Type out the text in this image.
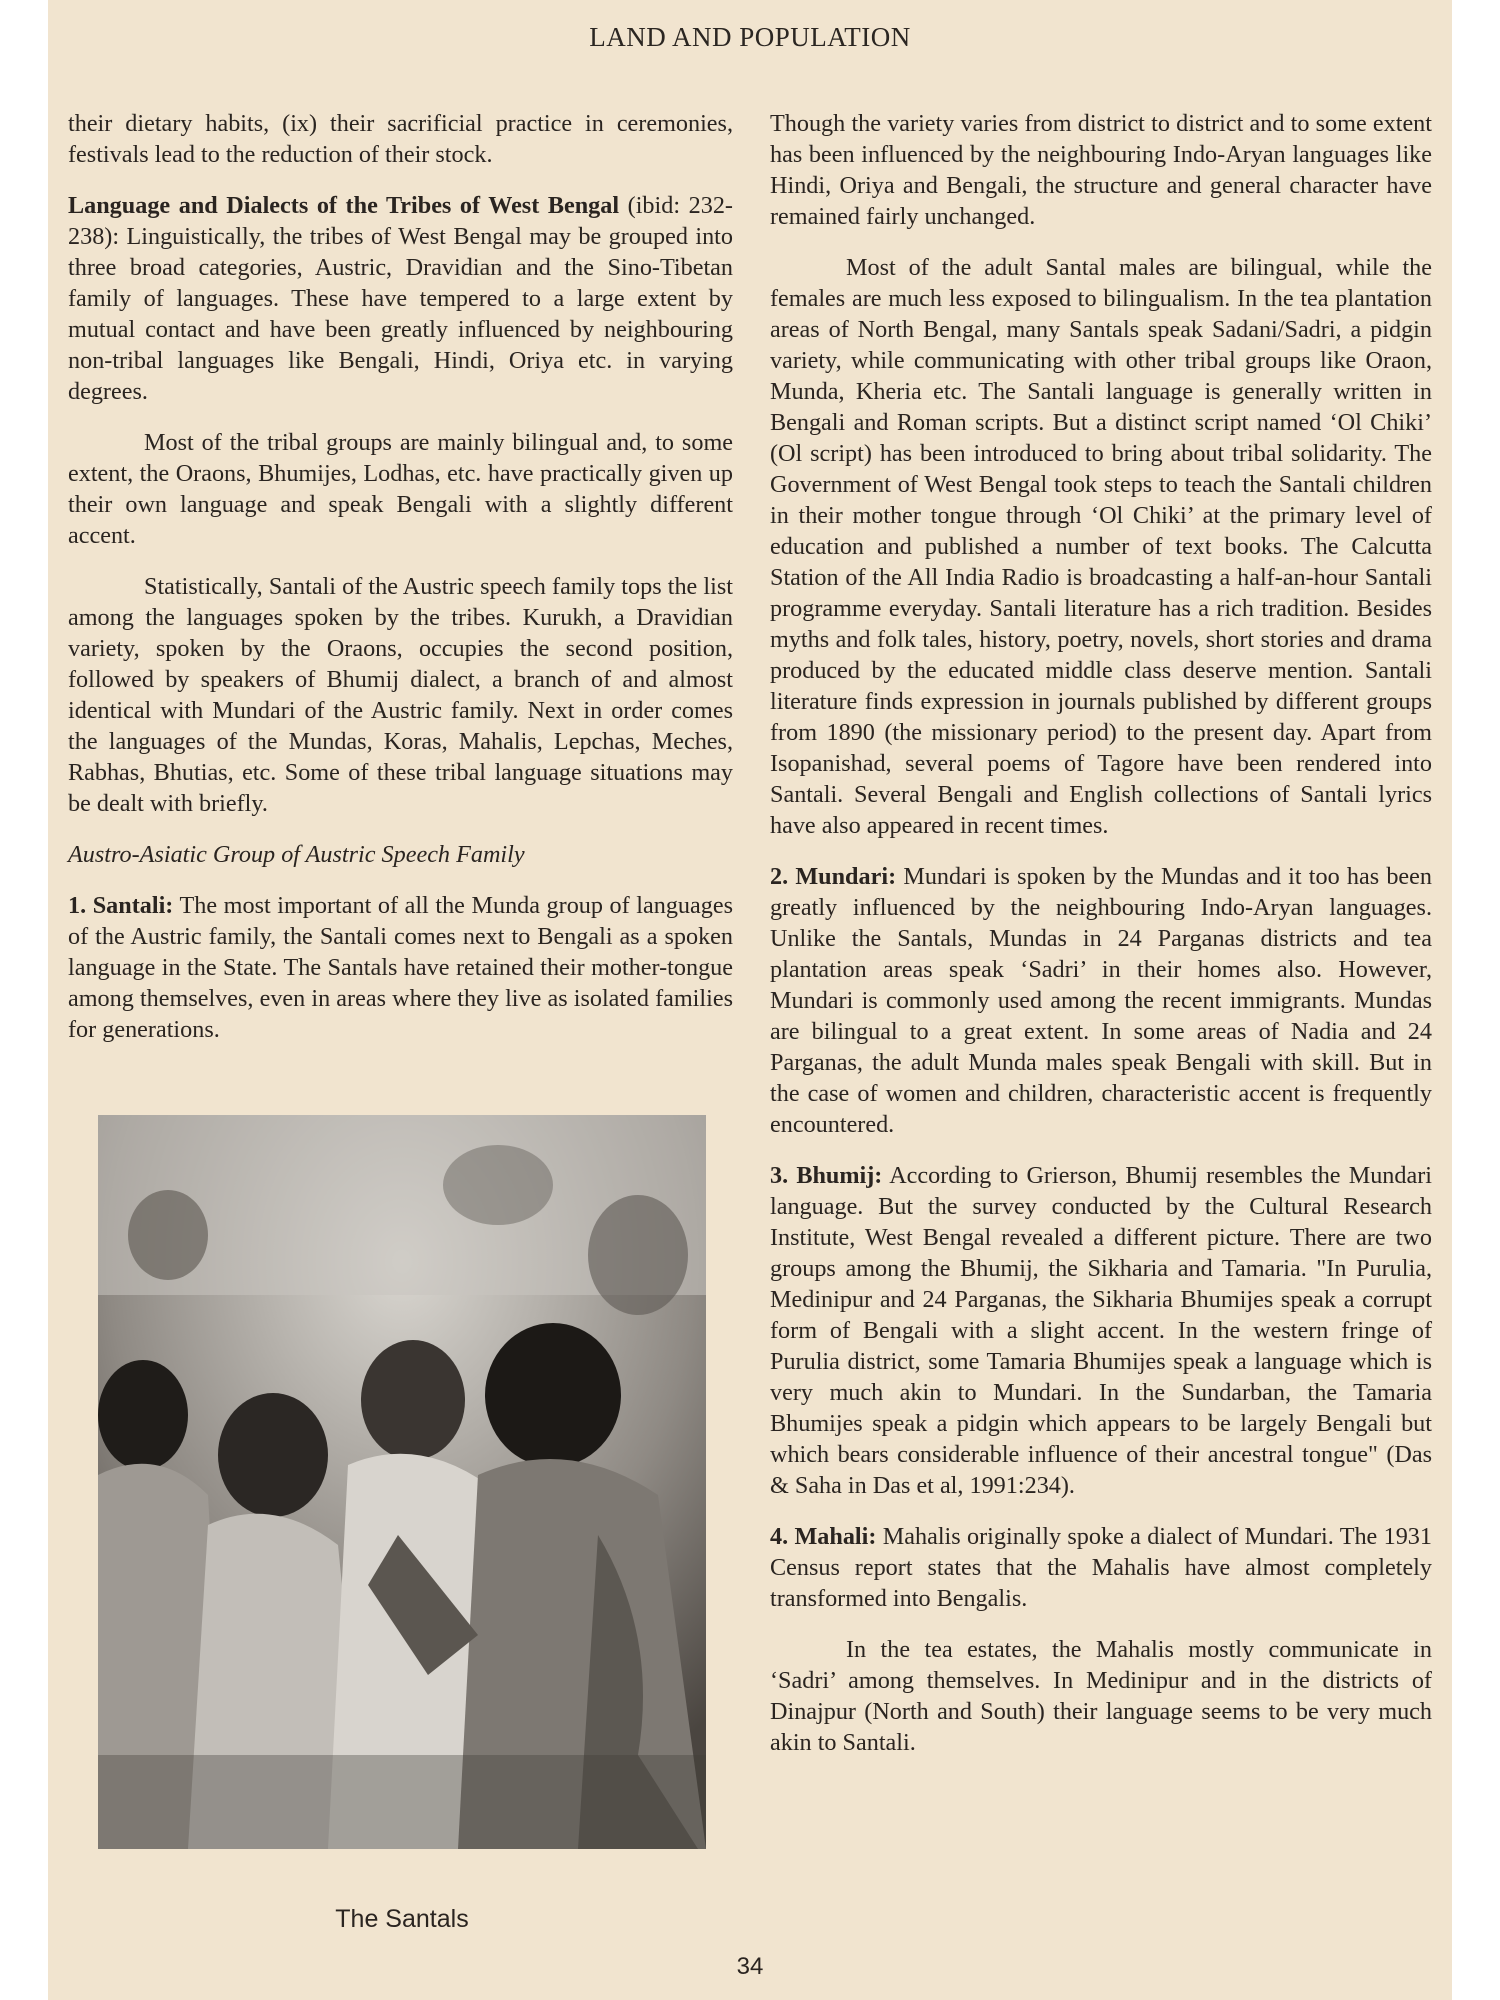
LAND AND POPULATION

their dietary habits, (ix) their sacrificial practice in ceremonies, festivals lead to the reduction of their stock.

Language and Dialects of the Tribes of West Bengal (ibid: 232-238): Linguistically, the tribes of West Bengal may be grouped into three broad categories, Austric, Dravidian and the Sino-Tibetan family of languages. These have tempered to a large extent by mutual contact and have been greatly influenced by neighbouring non-tribal languages like Bengali, Hindi, Oriya etc. in varying degrees.

Most of the tribal groups are mainly bilingual and, to some extent, the Oraons, Bhumijes, Lodhas, etc. have practically given up their own language and speak Bengali with a slightly different accent.

Statistically, Santali of the Austric speech family tops the list among the languages spoken by the tribes. Kurukh, a Dravidian variety, spoken by the Oraons, occupies the second position, followed by speakers of Bhumij dialect, a branch of and almost identical with Mundari of the Austric family. Next in order comes the languages of the Mundas, Koras, Mahalis, Lepchas, Meches, Rabhas, Bhutias, etc. Some of these tribal language situations may be dealt with briefly.

Austro-Asiatic Group of Austric Speech Family

1. Santali: The most important of all the Munda group of languages of the Austric family, the Santali comes next to Bengali as a spoken language in the State. The Santals have retained their mother-tongue among themselves, even in areas where they live as isolated families for generations.

The Santals

Though the variety varies from district to district and to some extent has been influenced by the neighbouring Indo-Aryan languages like Hindi, Oriya and Bengali, the structure and general character have remained fairly unchanged.

Most of the adult Santal males are bilingual, while the females are much less exposed to bilingualism. In the tea plantation areas of North Bengal, many Santals speak Sadani/Sadri, a pidgin variety, while communicating with other tribal groups like Oraon, Munda, Kheria etc. The Santali language is generally written in Bengali and Roman scripts. But a distinct script named ‘Ol Chiki’ (Ol script) has been introduced to bring about tribal solidarity. The Government of West Bengal took steps to teach the Santali children in their mother tongue through ‘Ol Chiki’ at the primary level of education and published a number of text books. The Calcutta Station of the All India Radio is broadcasting a half-an-hour Santali programme everyday. Santali literature has a rich tradition. Besides myths and folk tales, history, poetry, novels, short stories and drama produced by the educated middle class deserve mention. Santali literature finds expression in journals published by different groups from 1890 (the missionary period) to the present day. Apart from Isopanishad, several poems of Tagore have been rendered into Santali. Several Bengali and English collections of Santali lyrics have also appeared in recent times.

2. Mundari: Mundari is spoken by the Mundas and it too has been greatly influenced by the neighbouring Indo-Aryan languages. Unlike the Santals, Mundas in 24 Parganas districts and tea plantation areas speak ‘Sadri’ in their homes also. However, Mundari is commonly used among the recent immigrants. Mundas are bilingual to a great extent. In some areas of Nadia and 24 Parganas, the adult Munda males speak Bengali with skill. But in the case of women and children, characteristic accent is frequently encountered.

3. Bhumij: According to Grierson, Bhumij resembles the Mundari language. But the survey conducted by the Cultural Research Institute, West Bengal revealed a different picture. There are two groups among the Bhumij, the Sikharia and Tamaria. "In Purulia, Medinipur and 24 Parganas, the Sikharia Bhumijes speak a corrupt form of Bengali with a slight accent. In the western fringe of Purulia district, some Tamaria Bhumijes speak a language which is very much akin to Mundari. In the Sundarban, the Tamaria Bhumijes speak a pidgin which appears to be largely Bengali but which bears considerable influence of their ancestral tongue" (Das & Saha in Das et al, 1991:234).

4. Mahali: Mahalis originally spoke a dialect of Mundari. The 1931 Census report states that the Mahalis have almost completely transformed into Bengalis.

In the tea estates, the Mahalis mostly communicate in ‘Sadri’ among themselves. In Medinipur and in the districts of Dinajpur (North and South) their language seems to be very much akin to Santali.

34
